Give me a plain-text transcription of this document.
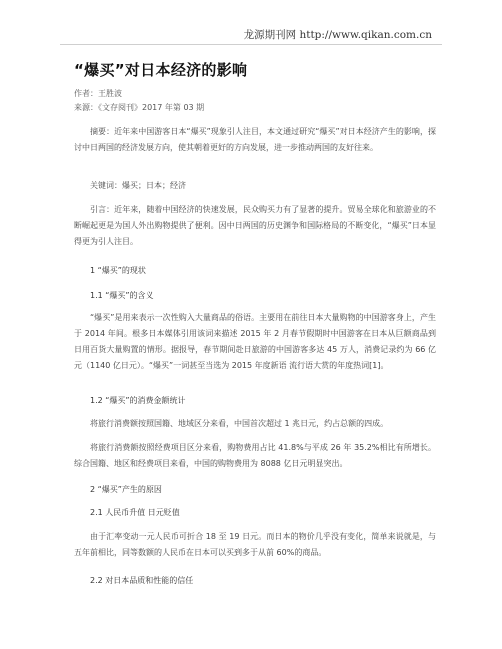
龙源期刊网 http://www.qikan.com.cn
“爆买”对日本经济的影响
作者：王胜波
来源：《文存阅刊》2017 年第 03 期

摘要：近年来中国游客日本“爆买”现象引人注目，本文通过研究“爆买”对日本经济产生的影响，探讨中日两国的经济发展方向，使其朝着更好的方向发展，进一步推动两国的友好往来。

关键词：爆买；日本；经济

引言：近年来，随着中国经济的快速发展，民众购买力有了显著的提升。贸易全球化和旅游业的不断崛起更是为国人外出购物提供了便利。因中日两国的历史渊争和国际格局的不断变化，“爆买”日本显得更为引人注目。

1 “爆买”的现状
1.1 “爆买”的含义

“爆买”是用来表示一次性购入大量商品的俗语。主要用在前往日本大量购物的中国游客身上，产生于 2014 年间。根多日本媒体引用该词来描述 2015 年 2 月春节假期时中国游客在日本从巨额商品到日用百货大量购置的情形。据报导，春节期间赴日旅游的中国游客多达 45 万人，消费记录约为 66 亿元（1140 亿日元）。“爆买”一词甚至当选为 2015 年度新语 流行语大赏的年度热词[1]。

1.2 “爆买”的消费金额统计

将旅行消费额按照国籍、地域区分来看，中国首次超过 1 兆日元，约占总额的四成。

将旅行消费额按照经费项目区分来看，购物费用占比 41.8%与平成 26 年 35.2%相比有所增长。综合国籍、地区和经费项目来看，中国的购物费用为 8088 亿日元明显突出。

2 “爆买”产生的原因
2.1 人民币升值 日元贬值

由于汇率变动一元人民币可折合 18 至 19 日元。而日本的物价几乎没有变化，简单来说就是，与五年前相比，同等数额的人民币在日本可以买到多于从前 60%的商品。

2.2 对日本品质和性能的信任
